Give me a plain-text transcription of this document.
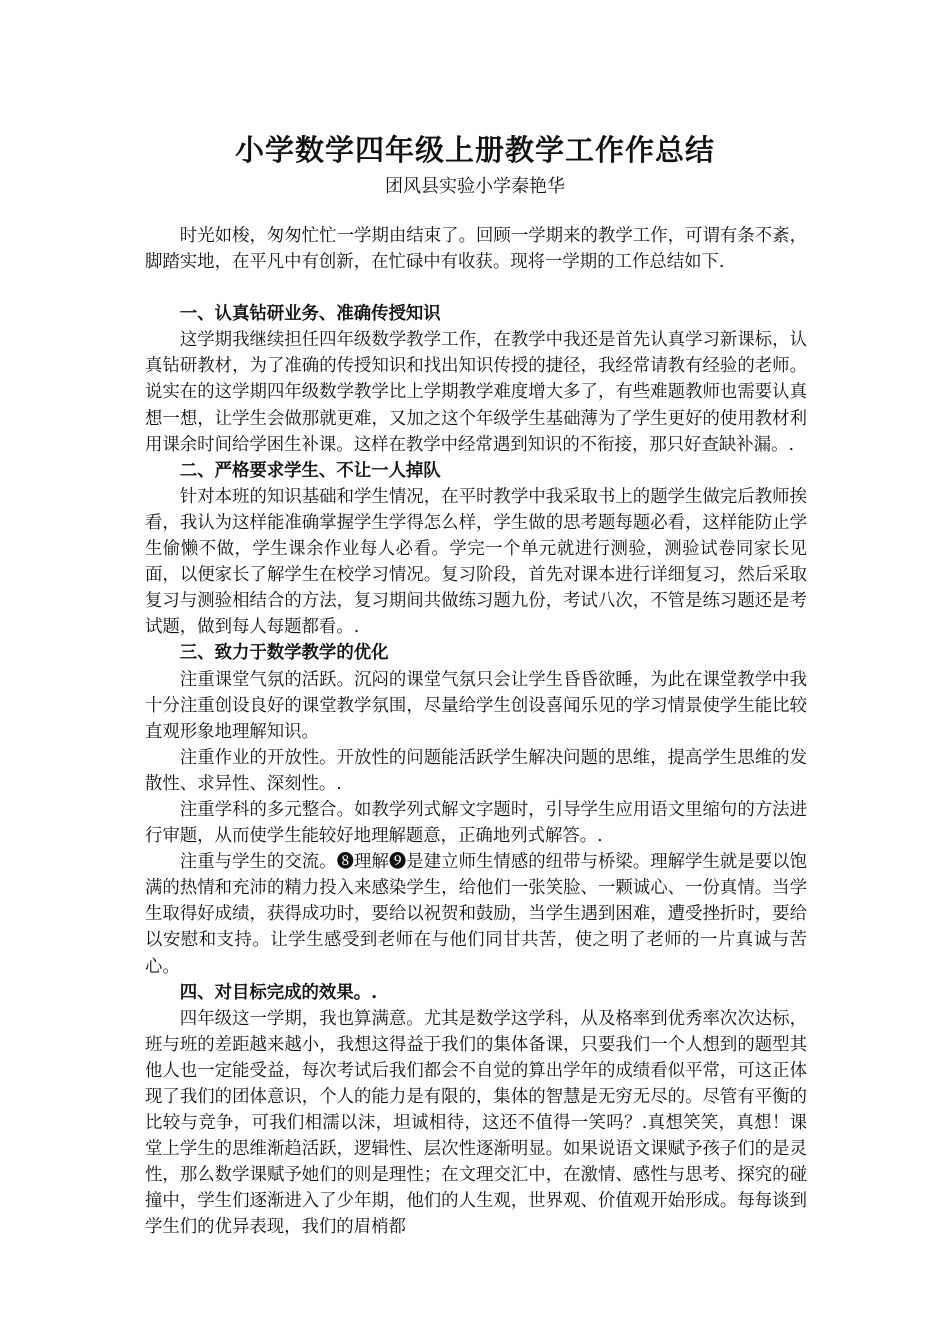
小学数学四年级上册教学工作作总结
团风县实验小学秦艳华

时光如梭，匆匆忙忙一学期由结束了。回顾一学期来的教学工作，可谓有条不紊，脚踏实地，在平凡中有创新，在忙碌中有收获。现将一学期的工作总结如下.

一、认真钻研业务、准确传授知识

这学期我继续担任四年级数学教学工作，在教学中我还是首先认真学习新课标，认真钻研教材，为了准确的传授知识和找出知识传授的捷径，我经常请教有经验的老师。说实在的这学期四年级数学教学比上学期教学难度增大多了，有些难题教师也需要认真想一想，让学生会做那就更难，又加之这个年级学生基础薄为了学生更好的使用教材利用课余时间给学困生补课。这样在教学中经常遇到知识的不衔接，那只好查缺补漏。.

二、严格要求学生、不让一人掉队

针对本班的知识基础和学生情况，在平时教学中我采取书上的题学生做完后教师挨看，我认为这样能准确掌握学生学得怎么样，学生做的思考题每题必看，这样能防止学生偷懒不做，学生课余作业每人必看。学完一个单元就进行测验，测验试卷同家长见面，以便家长了解学生在校学习情况。复习阶段，首先对课本进行详细复习，然后采取复习与测验相结合的方法，复习期间共做练习题九份，考试八次，不管是练习题还是考试题，做到每人每题都看。.

三、致力于数学教学的优化

注重课堂气氛的活跃。沉闷的课堂气氛只会让学生昏昏欲睡，为此在课堂教学中我十分注重创设良好的课堂教学氛围，尽量给学生创设喜闻乐见的学习情景使学生能比较直观形象地理解知识。

注重作业的开放性。开放性的问题能活跃学生解决问题的思维，提高学生思维的发散性、求异性、深刻性。.

注重学科的多元整合。如教学列式解文字题时，引导学生应用语文里缩句的方法进行审题，从而使学生能较好地理解题意，正确地列式解答。.

注重与学生的交流。❽理解❾是建立师生情感的纽带与桥梁。理解学生就是要以饱满的热情和充沛的精力投入来感染学生，给他们一张笑脸、一颗诚心、一份真情。当学生取得好成绩，获得成功时，要给以祝贺和鼓励，当学生遇到困难，遭受挫折时，要给以安慰和支持。让学生感受到老师在与他们同甘共苦，使之明了老师的一片真诚与苦心。

四、对目标完成的效果。.

四年级这一学期，我也算满意。尤其是数学这学科，从及格率到优秀率次次达标，班与班的差距越来越小，我想这得益于我们的集体备课，只要我们一个人想到的题型其他人也一定能受益，每次考试后我们都会不自觉的算出学年的成绩看似平常，可这正体现了我们的团体意识，个人的能力是有限的，集体的智慧是无穷无尽的。尽管有平衡的比较与竞争，可我们相濡以沫，坦诚相待，这还不值得一笑吗？.真想笑笑，真想！课堂上学生的思维渐趋活跃，逻辑性、层次性逐渐明显。如果说语文课赋予孩子们的是灵性，那么数学课赋予她们的则是理性；在文理交汇中，在激情、感性与思考、探究的碰撞中，学生们逐渐进入了少年期，他们的人生观，世界观、价值观开始形成。每每谈到学生们的优异表现，我们的眉梢都
